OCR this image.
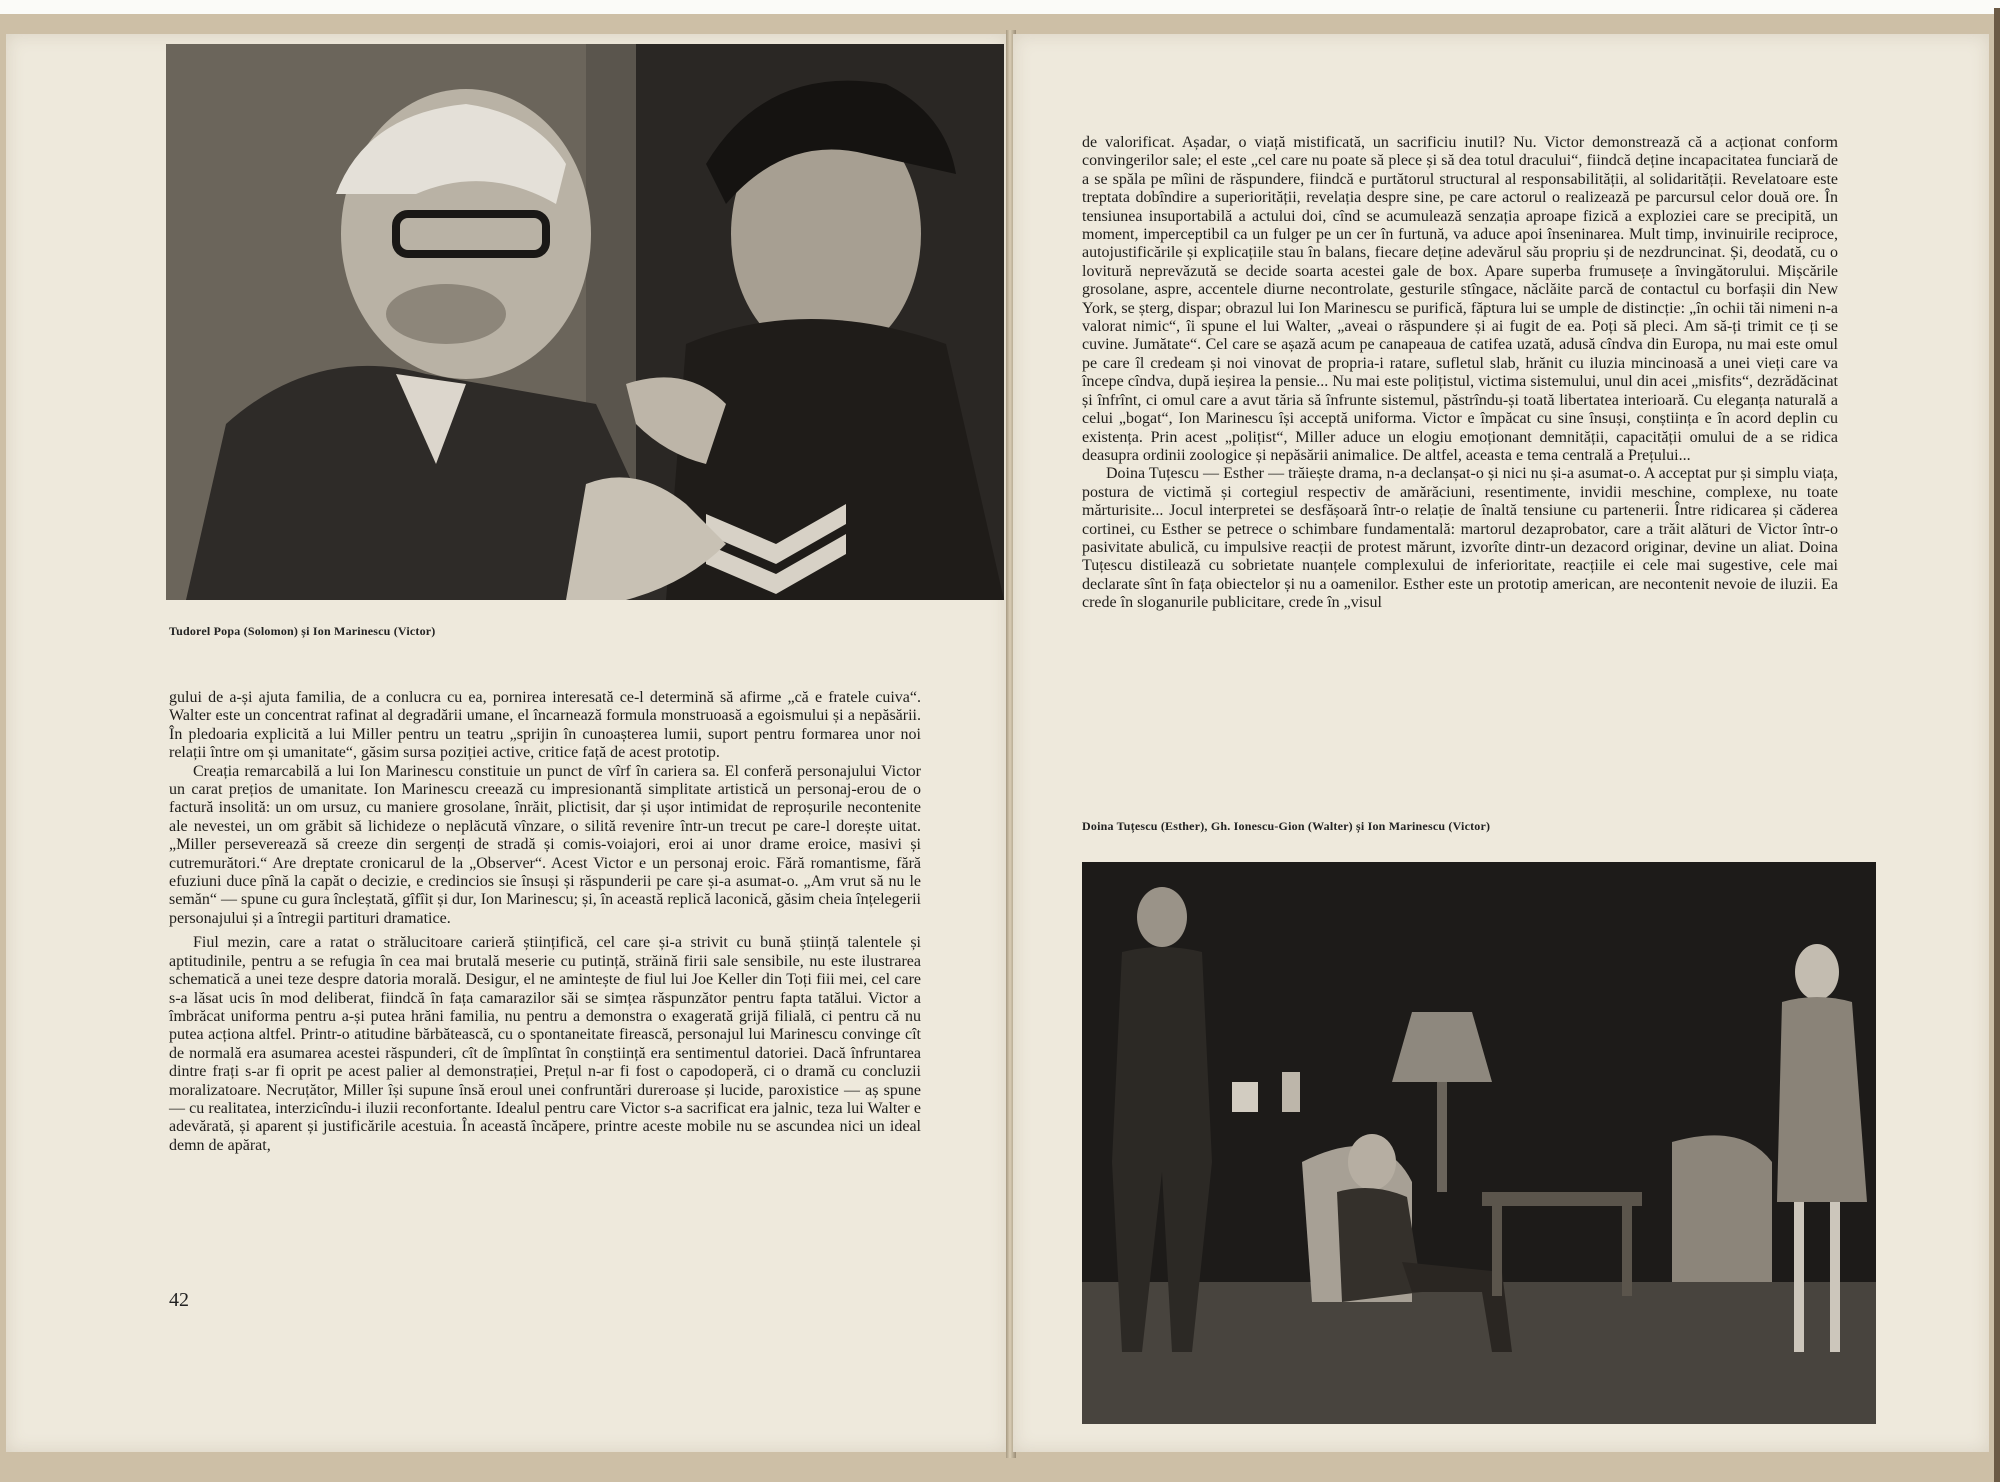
Tudorel Popa (Solomon) și Ion Marinescu (Victor)

gului de a-și ajuta familia, de a conlucra cu ea, pornirea interesată ce-l determină să afirme „că e fratele cuiva“. Walter este un concentrat rafinat al degradării umane, el încarnează formula monstruoasă a egoismului și a nepăsării. În pledoaria explicită a lui Miller pentru un teatru „sprijin în cunoașterea lumii, suport pentru formarea unor noi relații între om și umanitate“, găsim sursa poziției active, critice față de acest prototip.

Creația remarcabilă a lui Ion Marinescu constituie un punct de vîrf în cariera sa. El conferă personajului Victor un carat prețios de umanitate. Ion Marinescu creează cu impresionantă simplitate artistică un personaj-erou de o factură insolită: un om ursuz, cu maniere grosolane, înrăit, plictisit, dar și ușor intimidat de reproșurile necontenite ale nevestei, un om grăbit să lichideze o neplăcută vînzare, o silită revenire într-un trecut pe care-l dorește uitat. „Miller perseverează să creeze din sergenți de stradă și comis-voiajori, eroi ai unor drame eroice, masivi și cutremurători.“ Are dreptate cronicarul de la „Observer“. Acest Victor e un personaj eroic. Fără romantisme, fără efuziuni duce pînă la capăt o decizie, e credincios sie însuși și răspunderii pe care și-a asumat-o. „Am vrut să nu le semăn“ — spune cu gura încleștată, gîfîit și dur, Ion Marinescu; și, în această replică laconică, găsim cheia înțelegerii personajului și a întregii partituri dramatice.

Fiul mezin, care a ratat o strălucitoare carieră științifică, cel care și-a strivit cu bună știință talentele și aptitudinile, pentru a se refugia în cea mai brutală meserie cu putință, străină firii sale sensibile, nu este ilustrarea schematică a unei teze despre datoria morală. Desigur, el ne amintește de fiul lui Joe Keller din Toți fiii mei, cel care s-a lăsat ucis în mod deliberat, fiindcă în fața camarazilor săi se simțea răspunzător pentru fapta tatălui. Victor a îmbrăcat uniforma pentru a-și putea hrăni familia, nu pentru a demonstra o exagerată grijă filială, ci pentru că nu putea acționa altfel. Printr-o atitudine bărbătească, cu o spontaneitate firească, personajul lui Marinescu convinge cît de normală era asumarea acestei răspunderi, cît de împlîntat în conștiință era sentimentul datoriei. Dacă înfruntarea dintre frați s-ar fi oprit pe acest palier al demonstrației, Prețul n-ar fi fost o capodoperă, ci o dramă cu concluzii moralizatoare. Necruțător, Miller își supune însă eroul unei confruntări dureroase și lucide, paroxistice — aș spune — cu realitatea, interzicîndu-i iluzii reconfortante. Idealul pentru care Victor s-a sacrificat era jalnic, teza lui Walter e adevărată, și aparent și justificările acestuia. În această încăpere, printre aceste mobile nu se ascundea nici un ideal demn de apărat,

42

de valorificat. Așadar, o viață mistificată, un sacrificiu inutil? Nu. Victor demonstrează că a acționat conform convingerilor sale; el este „cel care nu poate să plece și să dea totul dracului“, fiindcă deține incapacitatea funciară de a se spăla pe mîini de răspundere, fiindcă e purtătorul structural al responsabilității, al solidarității. Revelatoare este treptata dobîndire a superiorității, revelația despre sine, pe care actorul o realizează pe parcursul celor două ore. În tensiunea insuportabilă a actului doi, cînd se acumulează senzația aproape fizică a exploziei care se precipită, un moment, imperceptibil ca un fulger pe un cer în furtună, va aduce apoi înseninarea. Mult timp, invinuirile reciproce, autojustificările și explicațiile stau în balans, fiecare deține adevărul său propriu și de nezdruncinat. Și, deodată, cu o lovitură neprevăzută se decide soarta acestei gale de box. Apare superba frumusețe a învingătorului. Mișcările grosolane, aspre, accentele diurne necontrolate, gesturile stîngace, năclăite parcă de contactul cu borfașii din New York, se șterg, dispar; obrazul lui Ion Marinescu se purifică, făptura lui se umple de distincție: „în ochii tăi nimeni n-a valorat nimic“, îi spune el lui Walter, „aveai o răspundere și ai fugit de ea. Poți să pleci. Am să-ți trimit ce ți se cuvine. Jumătate“. Cel care se așază acum pe canapeaua de catifea uzată, adusă cîndva din Europa, nu mai este omul pe care îl credeam și noi vinovat de propria-i ratare, sufletul slab, hrănit cu iluzia mincinoasă a unei vieți care va începe cîndva, după ieșirea la pensie... Nu mai este polițistul, victima sistemului, unul din acei „misfits“, dezrădăcinat și înfrînt, ci omul care a avut tăria să înfrunte sistemul, păstrîndu-și toată libertatea interioară. Cu eleganța naturală a celui „bogat“, Ion Marinescu își acceptă uniforma. Victor e împăcat cu sine însuși, conștiința e în acord deplin cu existența. Prin acest „polițist“, Miller aduce un elogiu emoționant demnității, capacității omului de a se ridica deasupra ordinii zoologice și nepăsării animalice. De altfel, aceasta e tema centrală a Prețului...

Doina Tuțescu — Esther — trăiește drama, n-a declanșat-o și nici nu și-a asumat-o. A acceptat pur și simplu viața, postura de victimă și cortegiul respectiv de amărăciuni, resentimente, invidii meschine, complexe, nu toate mărturisite... Jocul interpretei se desfășoară într-o relație de înaltă tensiune cu partenerii. Între ridicarea și căderea cortinei, cu Esther se petrece o schimbare fundamentală: martorul dezaprobator, care a trăit alături de Victor într-o pasivitate abulică, cu impulsive reacții de protest mărunt, izvorîte dintr-un dezacord originar, devine un aliat. Doina Tuțescu distilează cu sobrietate nuanțele complexului de inferioritate, reacțiile ei cele mai sugestive, cele mai declarate sînt în fața obiectelor și nu a oamenilor. Esther este un prototip american, are necontenit nevoie de iluzii. Ea crede în sloganurile publicitare, crede în „visul

Doina Tuțescu (Esther), Gh. Ionescu-Gion (Walter) și Ion Marinescu (Victor)
